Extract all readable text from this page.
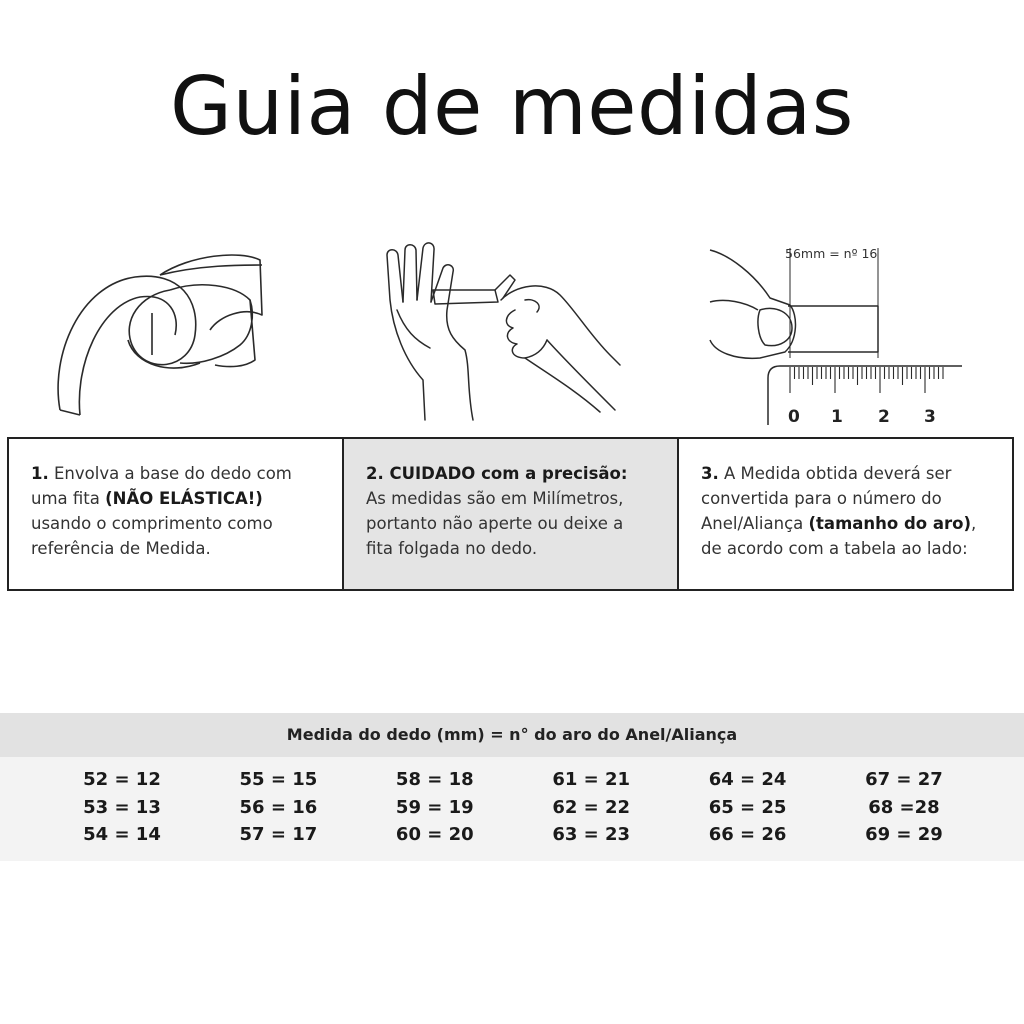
Guia de medidas
56mm = nº 16
0 1 2 3
1. Envolva a base do dedo com
uma fita (NÃO ELÁSTICA!)
usando o comprimento como
referência de Medida.
2. CUIDADO com a precisão:
As medidas são em Milímetros,
portanto não aperte ou deixe a
fita folgada no dedo.
3. A Medida obtida deverá ser
convertida para o número do
Anel/Aliança (tamanho do aro),
de acordo com a tabela ao lado:
Medida do dedo (mm) = n° do aro do Anel/Aliança
52 = 12
53 = 13
54 = 14
55 = 15
56 = 16
57 = 17
58 = 18
59 = 19
60 = 20
61 = 21
62 = 22
63 = 23
64 = 24
65 = 25
66 = 26
67 = 27
68 =28
69 = 29
